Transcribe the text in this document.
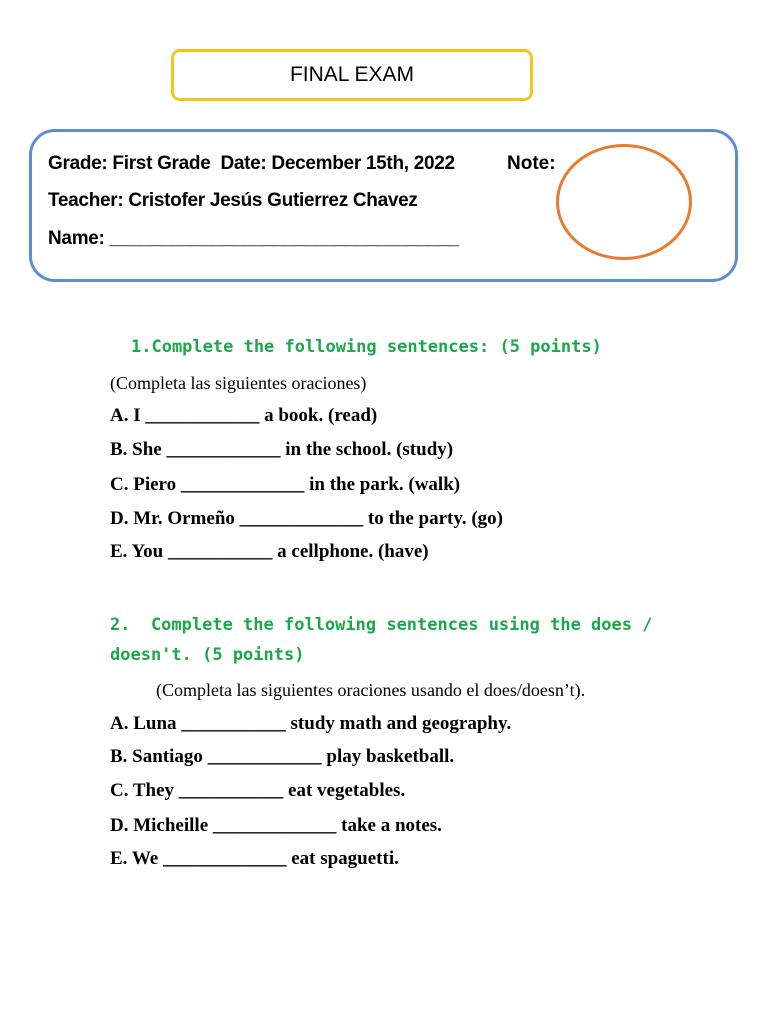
FINAL EXAM
Grade: First Grade  Date: December 15th, 2022	Note:
Teacher: Cristofer Jesús Gutierrez Chavez
Name: __________________________________
1.Complete the following sentences: (5 points)
(Completa las siguientes oraciones)
A. I ____________ a book. (read)
B. She ____________ in the school. (study)
C. Piero _____________ in the park. (walk)
D. Mr. Ormeño _____________ to the party. (go)
E. You ___________ a cellphone. (have)
2.  Complete the following sentences using the does /
doesn't. (5 points)
(Completa las siguientes oraciones usando el does/doesn’t).
A. Luna ___________ study math and geography.
B. Santiago ____________ play basketball.
C. They ___________ eat vegetables.
D. Micheille _____________ take a notes.
E. We _____________ eat spaguetti.
